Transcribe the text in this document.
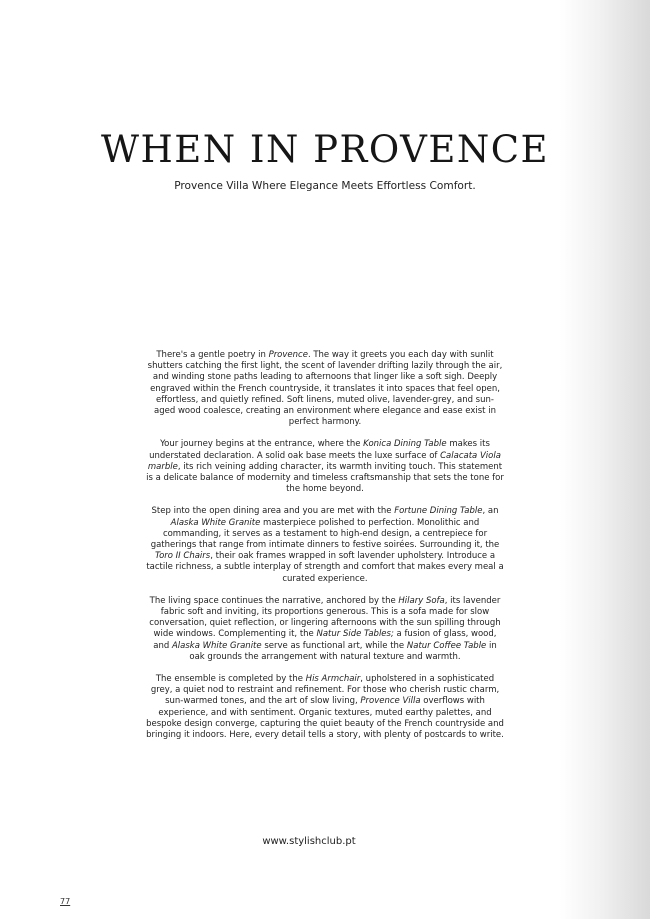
WHEN IN PROVENCE

Provence Villa Where Elegance Meets Effortless Comfort.

There's a gentle poetry in Provence. The way it greets you each day with sunlit shutters catching the first light, the scent of lavender drifting lazily through the air, and winding stone paths leading to afternoons that linger like a soft sigh. Deeply engraved within the French countryside, it translates it into spaces that feel open, effortless, and quietly refined. Soft linens, muted olive, lavender-grey, and sun-aged wood coalesce, creating an environment where elegance and ease exist in perfect harmony.

Your journey begins at the entrance, where the Konica Dining Table makes its understated declaration. A solid oak base meets the luxe surface of Calacata Viola marble, its rich veining adding character, its warmth inviting touch. This statement is a delicate balance of modernity and timeless craftsmanship that sets the tone for the home beyond.

Step into the open dining area and you are met with the Fortune Dining Table, an Alaska White Granite masterpiece polished to perfection. Monolithic and commanding, it serves as a testament to high-end design, a centrepiece for gatherings that range from intimate dinners to festive soirées. Surrounding it, the Toro II Chairs, their oak frames wrapped in soft lavender upholstery. Introduce a tactile richness, a subtle interplay of strength and comfort that makes every meal a curated experience.

The living space continues the narrative, anchored by the Hilary Sofa, its lavender fabric soft and inviting, its proportions generous. This is a sofa made for slow conversation, quiet reflection, or lingering afternoons with the sun spilling through wide windows. Complementing it, the Natur Side Tables; a fusion of glass, wood, and Alaska White Granite serve as functional art, while the Natur Coffee Table in oak grounds the arrangement with natural texture and warmth.

The ensemble is completed by the His Armchair, upholstered in a sophisticated grey, a quiet nod to restraint and refinement. For those who cherish rustic charm, sun-warmed tones, and the art of slow living, Provence Villa overflows with experience, and with sentiment. Organic textures, muted earthy palettes, and bespoke design converge, capturing the quiet beauty of the French countryside and bringing it indoors. Here, every detail tells a story, with plenty of postcards to write.

www.stylishclub.pt
77
